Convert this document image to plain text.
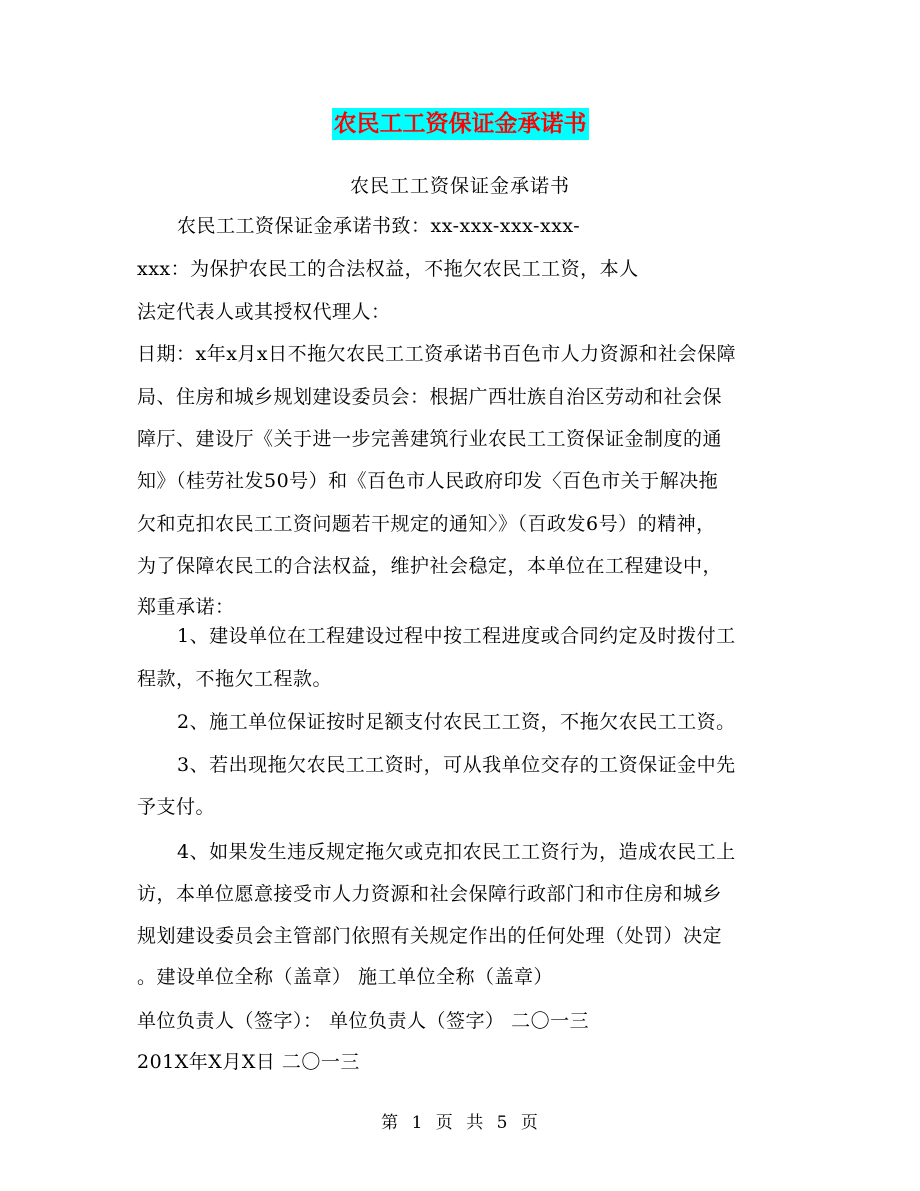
农民工工资保证金承诺书
农民工工资保证金承诺书
农民工工资保证金承诺书致：xx-xxx-xxx-xxx-
xxx：为保护农民工的合法权益，不拖欠农民工工资，本人
法定代表人或其授权代理人：
日期：x年x月x日不拖欠农民工工资承诺书百色市人力资源和社会保障
局、住房和城乡规划建设委员会：根据广西壮族自治区劳动和社会保
障厅、建设厅《关于进一步完善建筑行业农民工工资保证金制度的通
知》（桂劳社发50号）和《百色市人民政府印发〈百色市关于解决拖
欠和克扣农民工工资问题若干规定的通知〉》（百政发6号）的精神，
为了保障农民工的合法权益，维护社会稳定，本单位在工程建设中，
郑重承诺：
1、建设单位在工程建设过程中按工程进度或合同约定及时拨付工
程款，不拖欠工程款。
2、施工单位保证按时足额支付农民工工资，不拖欠农民工工资。
3、若出现拖欠农民工工资时，可从我单位交存的工资保证金中先
予支付。
4、如果发生违反规定拖欠或克扣农民工工资行为，造成农民工上
访，本单位愿意接受市人力资源和社会保障行政部门和市住房和城乡
规划建设委员会主管部门依照有关规定作出的任何处理（处罚）决定
。建设单位全称（盖章） 施工单位全称（盖章）
单位负责人（签字）： 单位负责人（签字） 二〇一三
201X年X月X日 二〇一三
第 1 页 共 5 页
